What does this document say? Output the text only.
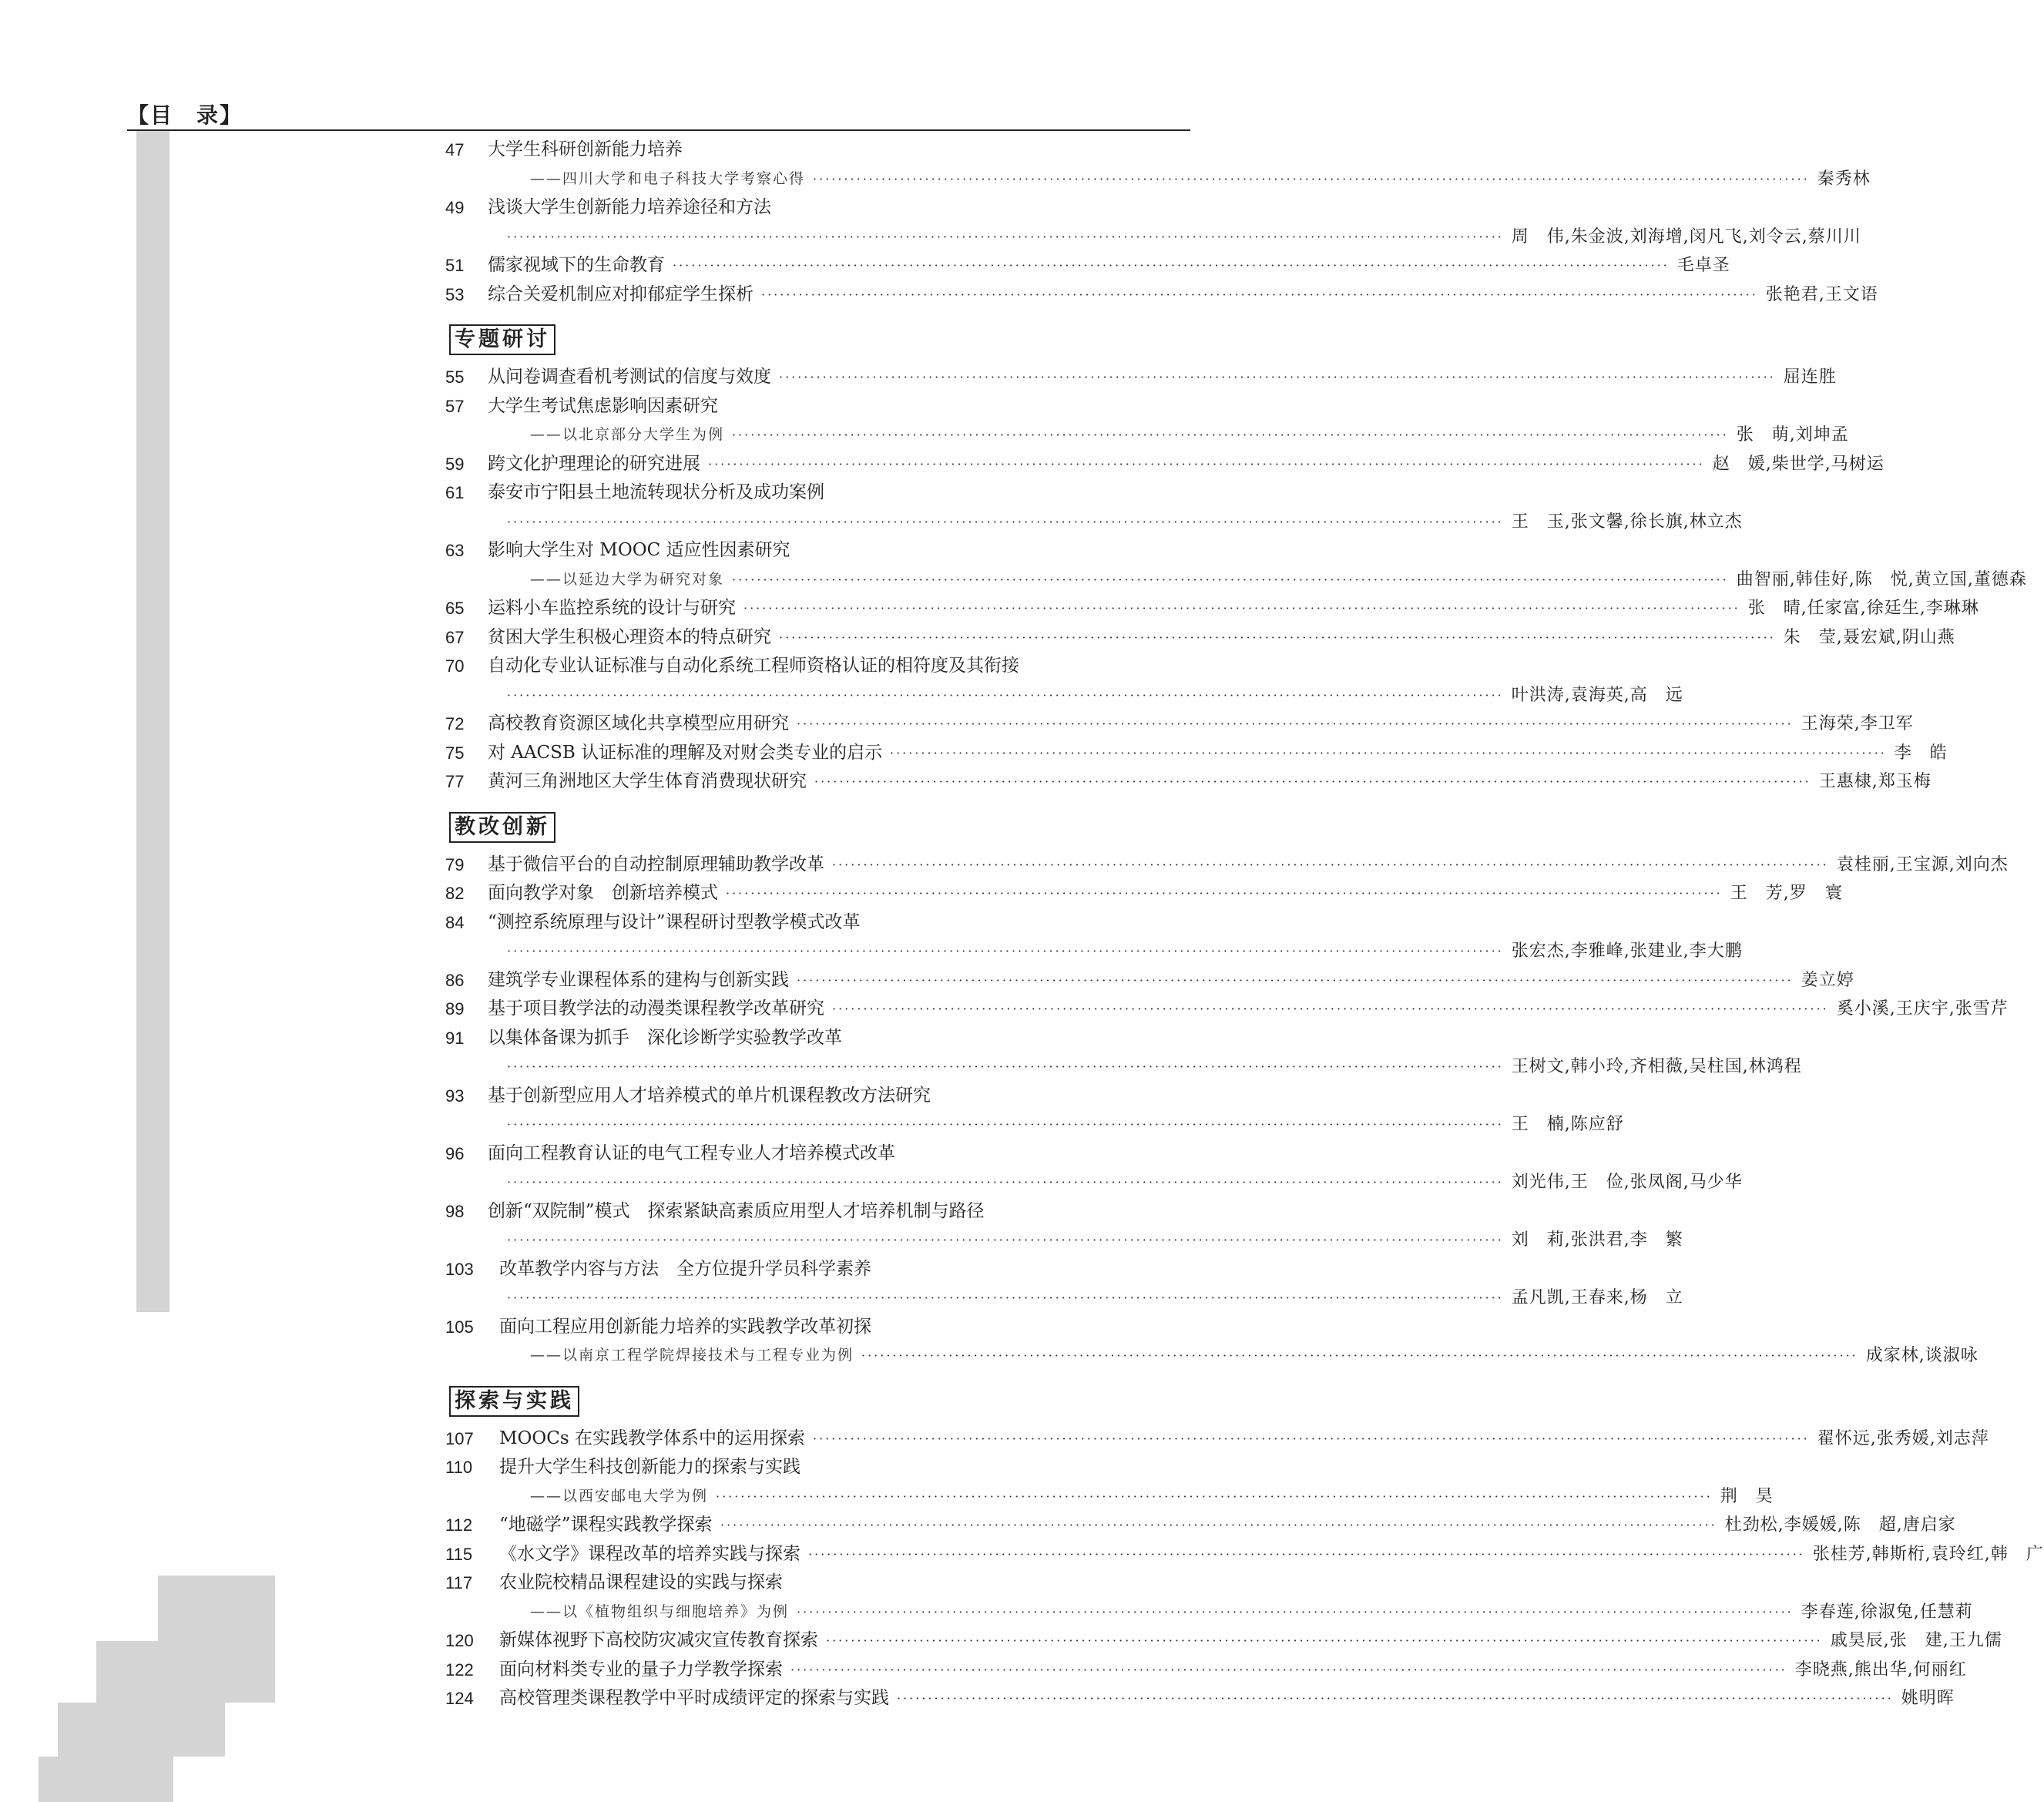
【目　录】
47 大学生科研创新能力培养
——四川大学和电子科技大学考察心得 ································································································································································ 秦秀林
49 浅谈大学生创新能力培养途径和方法
································································································································································ 周　伟,朱金波,刘海增,闵凡飞,刘令云,蔡川川
51 儒家视域下的生命教育 ································································································································································ 毛卓圣
53 综合关爱机制应对抑郁症学生探析 ································································································································································ 张艳君,王文语
专题研讨
55 从问卷调查看机考测试的信度与效度 ································································································································································ 屈连胜
57 大学生考试焦虑影响因素研究
——以北京部分大学生为例 ································································································································································ 张　萌,刘坤孟
59 跨文化护理理论的研究进展 ································································································································································ 赵　媛,柴世学,马树运
61 泰安市宁阳县土地流转现状分析及成功案例
································································································································································ 王　玉,张文馨,徐长旗,林立杰
63 影响大学生对 MOOC 适应性因素研究
——以延边大学为研究对象 ································································································································································ 曲智丽,韩佳好,陈　悦,黄立国,董德森
65 运料小车监控系统的设计与研究 ································································································································································ 张　晴,任家富,徐廷生,李琳琳
67 贫困大学生积极心理资本的特点研究 ································································································································································ 朱　莹,聂宏斌,阴山燕
70 自动化专业认证标准与自动化系统工程师资格认证的相符度及其衔接
································································································································································ 叶洪涛,袁海英,高　远
72 高校教育资源区域化共享模型应用研究 ································································································································································ 王海荣,李卫军
75 对 AACSB 认证标准的理解及对财会类专业的启示 ································································································································································ 李　皓
77 黄河三角洲地区大学生体育消费现状研究 ································································································································································ 王惠棣,郑玉梅
教改创新
79 基于微信平台的自动控制原理辅助教学改革 ································································································································································ 袁桂丽,王宝源,刘向杰
82 面向教学对象　创新培养模式 ································································································································································ 王　芳,罗　寰
84 “测控系统原理与设计”课程研讨型教学模式改革
································································································································································ 张宏杰,李雅峰,张建业,李大鹏
86 建筑学专业课程体系的建构与创新实践 ································································································································································ 姜立婷
89 基于项目教学法的动漫类课程教学改革研究 ································································································································································ 奚小溪,王庆宇,张雪芹
91 以集体备课为抓手　深化诊断学实验教学改革
································································································································································ 王树文,韩小玲,齐相薇,吴柱国,林鸿程
93 基于创新型应用人才培养模式的单片机课程教改方法研究
································································································································································ 王　楠,陈应舒
96 面向工程教育认证的电气工程专业人才培养模式改革
································································································································································ 刘光伟,王　俭,张凤阁,马少华
98 创新“双院制”模式　探索紧缺高素质应用型人才培养机制与路径
································································································································································ 刘　莉,张洪君,李　繁
103 改革教学内容与方法　全方位提升学员科学素养
································································································································································ 孟凡凯,王春来,杨　立
105 面向工程应用创新能力培养的实践教学改革初探
——以南京工程学院焊接技术与工程专业为例 ································································································································································ 成家林,谈淑咏
探索与实践
107 MOOCs 在实践教学体系中的运用探索 ································································································································································ 翟怀远,张秀媛,刘志萍
110 提升大学生科技创新能力的探索与实践
——以西安邮电大学为例 ································································································································································ 荆　昊
112 “地磁学”课程实践教学探索 ································································································································································ 杜劲松,李媛媛,陈　超,唐启家
115 《水文学》课程改革的培养实践与探索 ································································································································································ 张桂芳,韩斯桁,袁玲红,韩　广
117 农业院校精品课程建设的实践与探索
——以《植物组织与细胞培养》为例 ································································································································································ 李春莲,徐淑兔,任慧莉
120 新媒体视野下高校防灾减灾宣传教育探索 ································································································································································ 戚昊辰,张　建,王九儒
122 面向材料类专业的量子力学教学探索 ································································································································································ 李晓燕,熊出华,何丽红
124 高校管理类课程教学中平时成绩评定的探索与实践 ································································································································································ 姚明晖
